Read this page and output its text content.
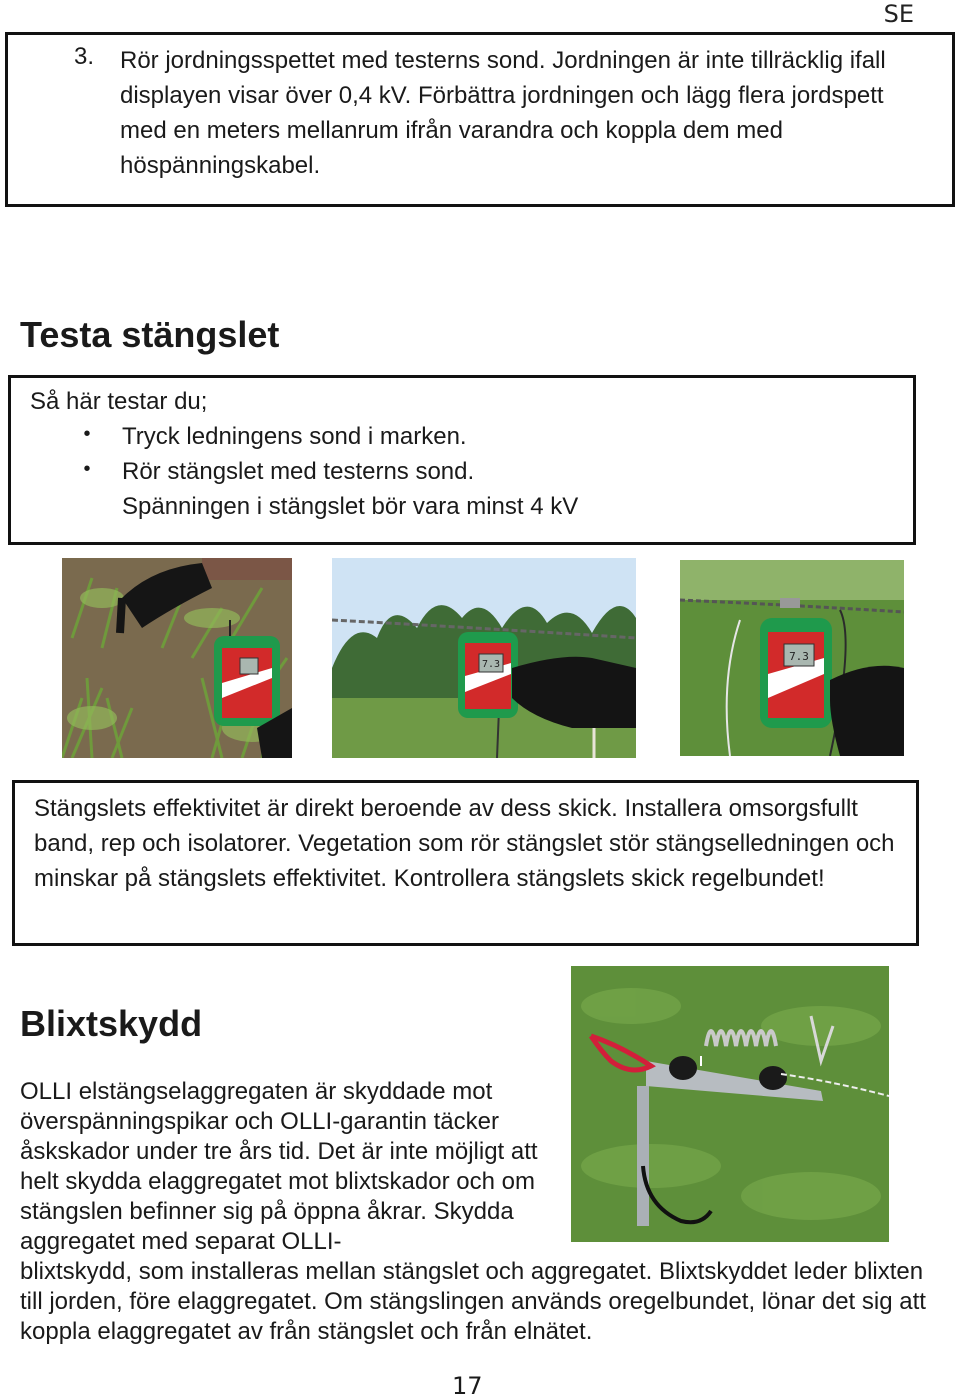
SE
3. Rör jordningsspettet med testerns sond. Jordningen är inte tillräcklig ifall displayen visar över 0,4 kV. Förbättra jordningen och lägg flera jordspett med en meters mellanrum ifrån varandra och koppla dem med höspänningskabel.
Testa stängslet
Så här testar du;
• Tryck ledningens sond i marken.
• Rör stängslet med testerns sond.
Spänningen i stängslet bör vara minst 4 kV
7.3
7.3
Stängslets effektivitet är direkt beroende av dess skick. Installera omsorgsfullt band, rep och isolatorer. Vegetation som rör stängslet stör stängselledningen och minskar på stängslets effektivitet. Kontrollera stängslets skick regelbundet!
Blixtskydd
OLLI elstängselaggregaten är skyddade mot överspänningspikar och OLLI-garantin täcker åskskador under tre års tid. Det är inte möjligt att helt skydda elaggregatet mot blixtskador och om stängslen befinner sig på öppna åkrar. Skydda aggregatet med separat OLLI-
blixtskydd, som installeras mellan stängslet och aggregatet. Blixtskyddet leder blixten till jorden, före elaggregatet. Om stängslingen används oregelbundet, lönar det sig att koppla elaggregatet av från stängslet och från elnätet.
17
